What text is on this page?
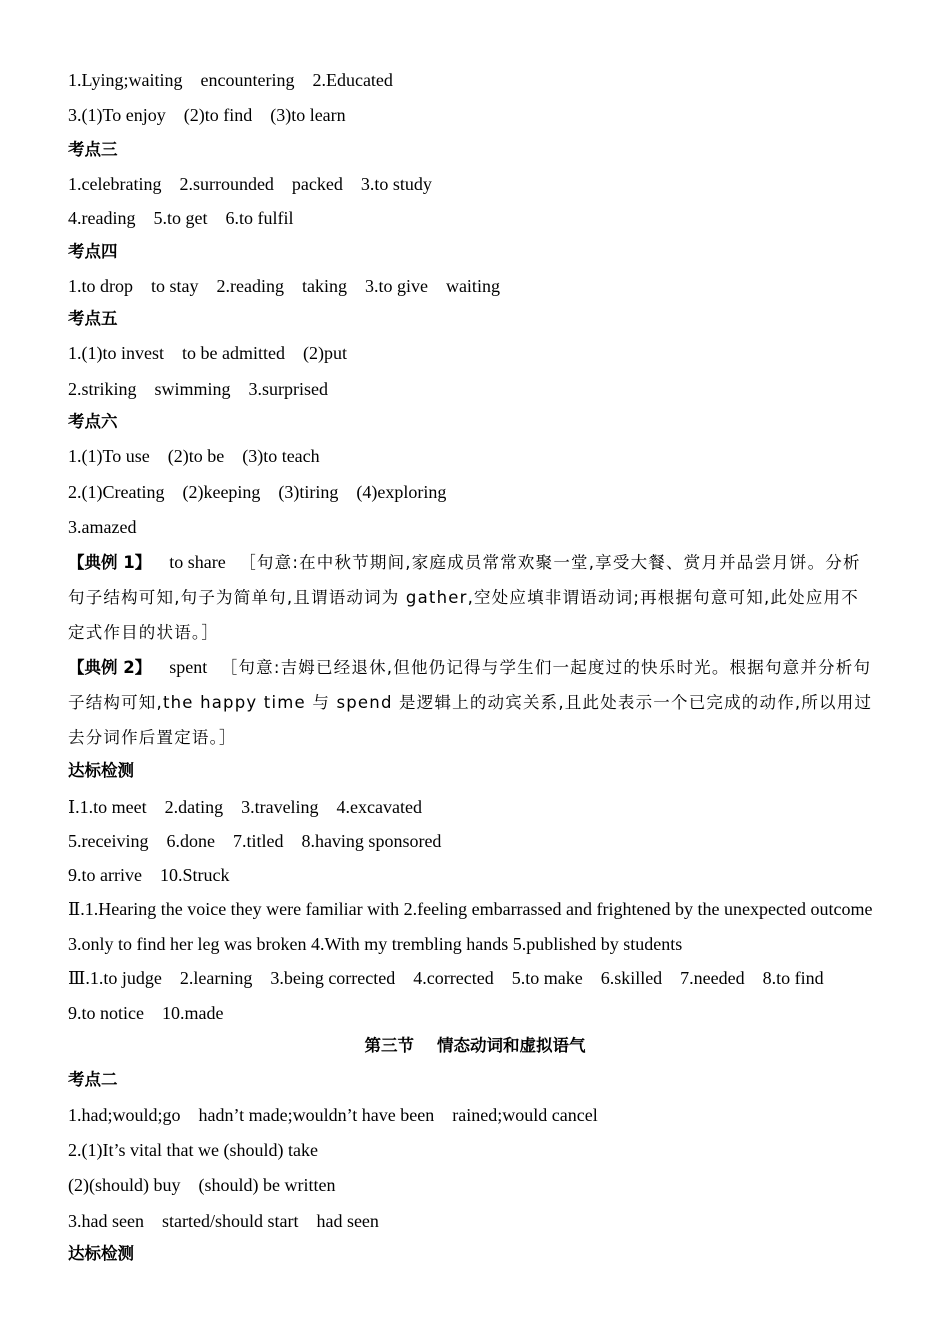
1.Lying;waiting    encountering    2.Educated
3.(1)To enjoy    (2)to find    (3)to learn
考点三
1.celebrating    2.surrounded    packed    3.to study
4.reading    5.to get    6.to fulfil
考点四
1.to drop    to stay    2.reading    taking    3.to give    waiting
考点五
1.(1)to invest    to be admitted    (2)put
2.striking    swimming    3.surprised
考点六
1.(1)To use    (2)to be    (3)to teach
2.(1)Creating    (2)keeping    (3)tiring    (4)exploring
3.amazed
【典例 1】 to share ［句意:在中秋节期间,家庭成员常常欢聚一堂,享受大餐、赏月并品尝月饼。分析句子结构可知,句子为简单句,且谓语动词为 gather,空处应填非谓语动词;再根据句意可知,此处应用不定式作目的状语。］
【典例 2】 spent ［句意:吉姆已经退休,但他仍记得与学生们一起度过的快乐时光。根据句意并分析句子结构可知,the happy time 与 spend 是逻辑上的动宾关系,且此处表示一个已完成的动作,所以用过去分词作后置定语。］
达标检测
Ⅰ.1.to meet    2.dating    3.traveling    4.excavated
5.receiving    6.done    7.titled    8.having sponsored
9.to arrive    10.Struck
Ⅱ.1.Hearing the voice they were familiar with 2.feeling embarrassed and frightened by the unexpected outcome 3.only to find her leg was broken 4.With my trembling hands 5.published by students
Ⅲ.1.to judge    2.learning    3.being corrected    4.corrected    5.to make    6.skilled    7.needed    8.to find
9.to notice    10.made
第三节    情态动词和虚拟语气
考点二
1.had;would;go    hadn’t made;wouldn’t have been    rained;would cancel
2.(1)It’s vital that we (should) take
(2)(should) buy    (should) be written
3.had seen    started/should start    had seen
达标检测
